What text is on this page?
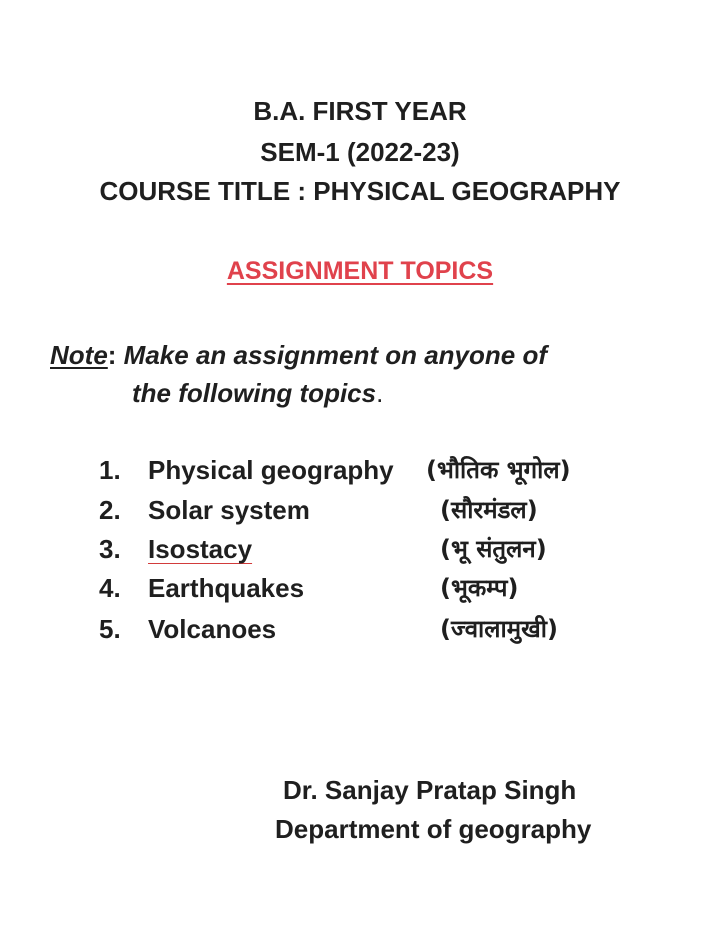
B.A. FIRST YEAR
SEM-1 (2022-23)
COURSE TITLE : PHYSICAL GEOGRAPHY
ASSIGNMENT TOPICS
Note: Make an assignment on anyone of
the following topics.
1. Physical geography (भौतिक भूगोल)
2. Solar system	(सौरमंडल)
3. Isostacy	(भू संतुलन)
4. Earthquakes	(भूकम्प)
5. Volcanoes	(ज्वालामुखी)
Dr. Sanjay Pratap Singh
Department of geography
